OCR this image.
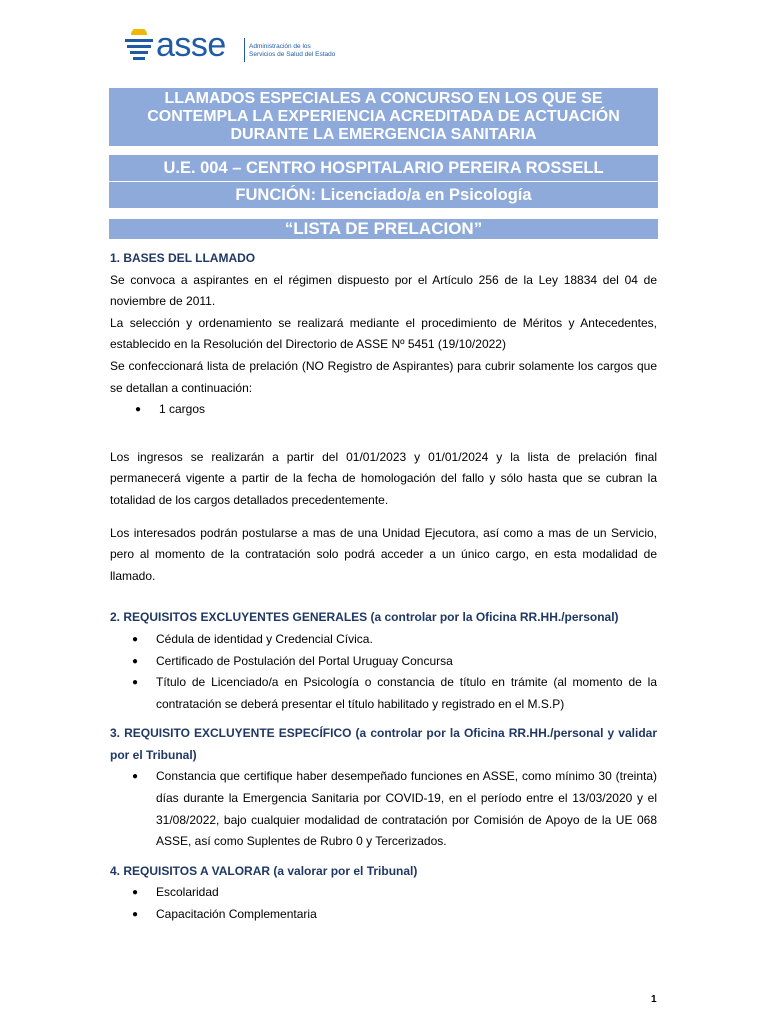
asse	Administración de los
Servicios de Salud del Estado
LLAMADOS ESPECIALES A CONCURSO EN LOS QUE SE
CONTEMPLA LA EXPERIENCIA ACREDITADA DE ACTUACIÓN
DURANTE LA EMERGENCIA SANITARIA
U.E. 004 – CENTRO HOSPITALARIO PEREIRA ROSSELL
FUNCIÓN: Licenciado/a en Psicología
“LISTA DE PRELACION”

1. BASES DEL LLAMADO

Se convoca a aspirantes en el régimen dispuesto por el Artículo 256 de la Ley 18834 del 04 de noviembre de 2011.

La selección y ordenamiento se realizará mediante el procedimiento de Méritos y Antecedentes, establecido en la Resolución del Directorio de ASSE Nº 5451 (19/10/2022)

Se confeccionará lista de prelación (NO Registro de Aspirantes) para cubrir solamente los cargos que se detallan a continuación:

● 1 cargos

Los ingresos se realizarán a partir del 01/01/2023 y 01/01/2024 y la lista de prelación final permanecerá vigente a partir de la fecha de homologación del fallo y sólo hasta que se cubran la totalidad de los cargos detallados precedentemente.

Los interesados podrán postularse a mas de una Unidad Ejecutora, así como a mas de un Servicio, pero al momento de la contratación solo podrá acceder a un único cargo, en esta modalidad de llamado.

2. REQUISITOS EXCLUYENTES GENERALES (a controlar por la Oficina RR.HH./personal)

● Cédula de identidad y Credencial Cívica.
● Certificado de Postulación del Portal Uruguay Concursa
● Título de Licenciado/a en Psicología o constancia de título en trámite (al momento de la contratación se deberá presentar el título habilitado y registrado en el M.S.P)

3. REQUISITO EXCLUYENTE ESPECÍFICO (a controlar por la Oficina RR.HH./personal y validar por el Tribunal)

● Constancia que certifique haber desempeñado funciones en ASSE, como mínimo 30 (treinta) días durante la Emergencia Sanitaria por COVID-19, en el período entre el 13/03/2020 y el 31/08/2022, bajo cualquier modalidad de contratación por Comisión de Apoyo de la UE 068 ASSE, así como Suplentes de Rubro 0 y Tercerizados.

4. REQUISITOS A VALORAR (a valorar por el Tribunal)

● Escolaridad
● Capacitación Complementaria
1
